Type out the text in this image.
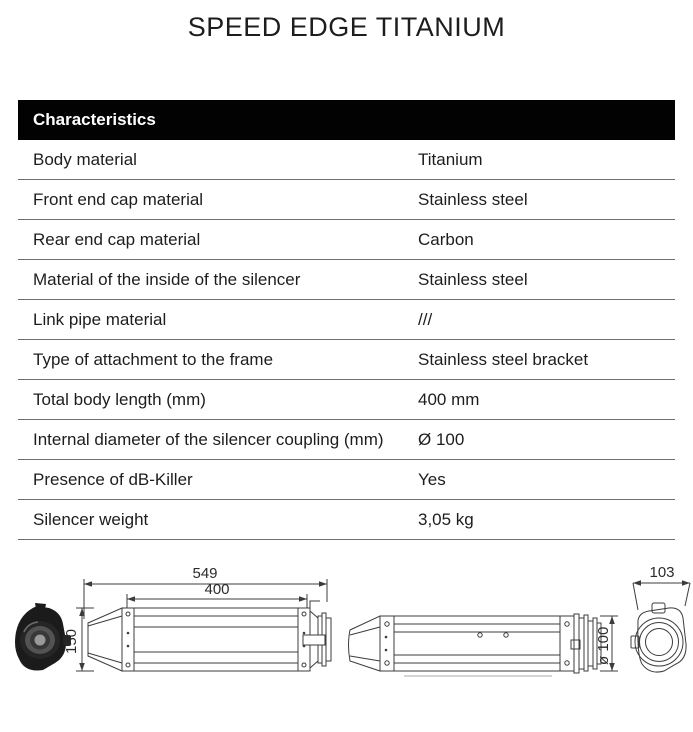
SPEED EDGE TITANIUM
Characteristics
Body material	Titanium
Front end cap material	Stainless steel
Rear end cap material	Carbon
Material of the inside of the silencer	Stainless steel
Link pipe material	///
Type of attachment to the frame	Stainless steel bracket
Total body length (mm)	400 mm
Internal diameter of the silencer coupling (mm)	Ø 100
Presence of dB-Killer	Yes
Silencer weight	3,05 kg
549
400
150	ø 100
103
